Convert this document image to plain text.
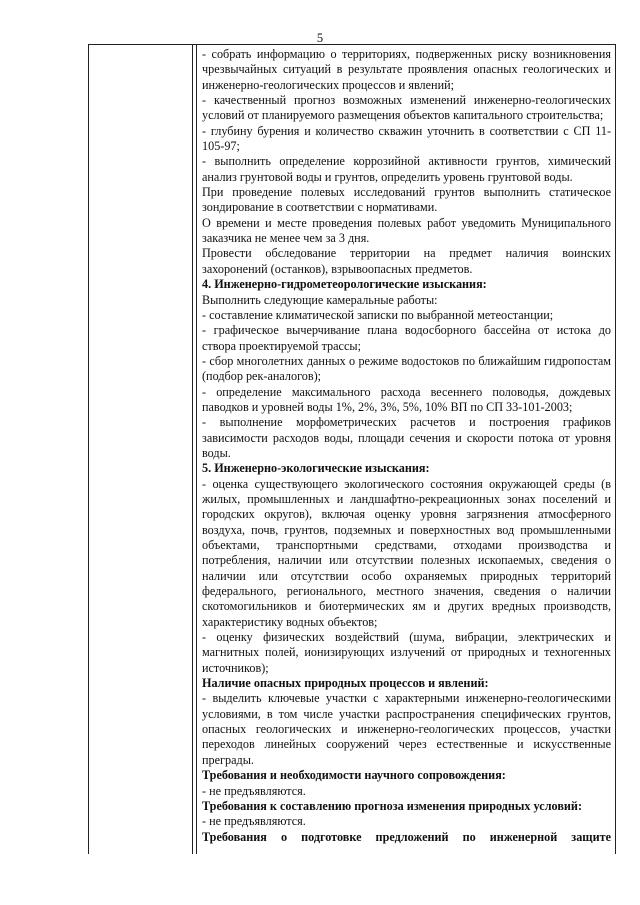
5

- собрать информацию о территориях, подверженных риску возникновения чрезвычайных ситуаций в результате проявления опасных геологических и инженерно-геологических процессов и явлений;

- качественный прогноз возможных изменений инженерно-геологических условий от планируемого размещения объектов капитального строительства;

- глубину бурения и количество скважин уточнить в соответствии с СП 11-105-97;

- выполнить определение коррозийной активности грунтов, химический анализ грунтовой воды и грунтов, определить уровень грунтовой воды.

При проведение полевых исследований грунтов выполнить статическое зондирование в соответствии с нормативами.

О времени и месте проведения полевых работ уведомить Муниципального заказчика не менее чем за 3 дня.

Провести обследование территории на предмет наличия воинских захоронений (останков), взрывоопасных предметов.

4. Инженерно-гидрометеорологические изыскания:

Выполнить следующие камеральные работы:

- составление климатической записки по выбранной метеостанции;

- графическое вычерчивание плана водосборного бассейна от истока до створа проектируемой трассы;

- сбор многолетних данных о режиме водостоков по ближайшим гидропостам (подбор рек-аналогов);

- определение максимального расхода весеннего половодья, дождевых паводков и уровней воды 1%, 2%, 3%, 5%, 10% ВП по СП 33-101-2003;

- выполнение морфометрических расчетов и построения графиков зависимости расходов воды, площади сечения и скорости потока от уровня воды.

5. Инженерно-экологические изыскания:

- оценка существующего экологического состояния окружающей среды (в жилых, промышленных и ландшафтно-рекреационных зонах поселений и городских округов), включая оценку уровня загрязнения атмосферного воздуха, почв, грунтов, подземных и поверхностных вод промышленными объектами, транспортными средствами, отходами производства и потребления, наличии или отсутствии полезных ископаемых, сведения о наличии или отсутствии особо охраняемых природных территорий федерального, регионального, местного значения, сведения о наличии скотомогильников и биотермических ям и других вредных производств, характеристику водных объектов;

- оценку физических воздействий (шума, вибрации, электрических и магнитных полей, ионизирующих излучений от природных и техногенных источников);

Наличие опасных природных процессов и явлений:

- выделить ключевые участки с характерными инженерно-геологическими условиями, в том числе участки распространения специфических грунтов, опасных геологических и инженерно-геологических процессов, участки переходов линейных сооружений через естественные и искусственные преграды.

Требования и необходимости научного сопровождения:

- не предъявляются.

Требования к составлению прогноза изменения природных условий:

- не предъявляются.

Требования о подготовке предложений по инженерной защите
